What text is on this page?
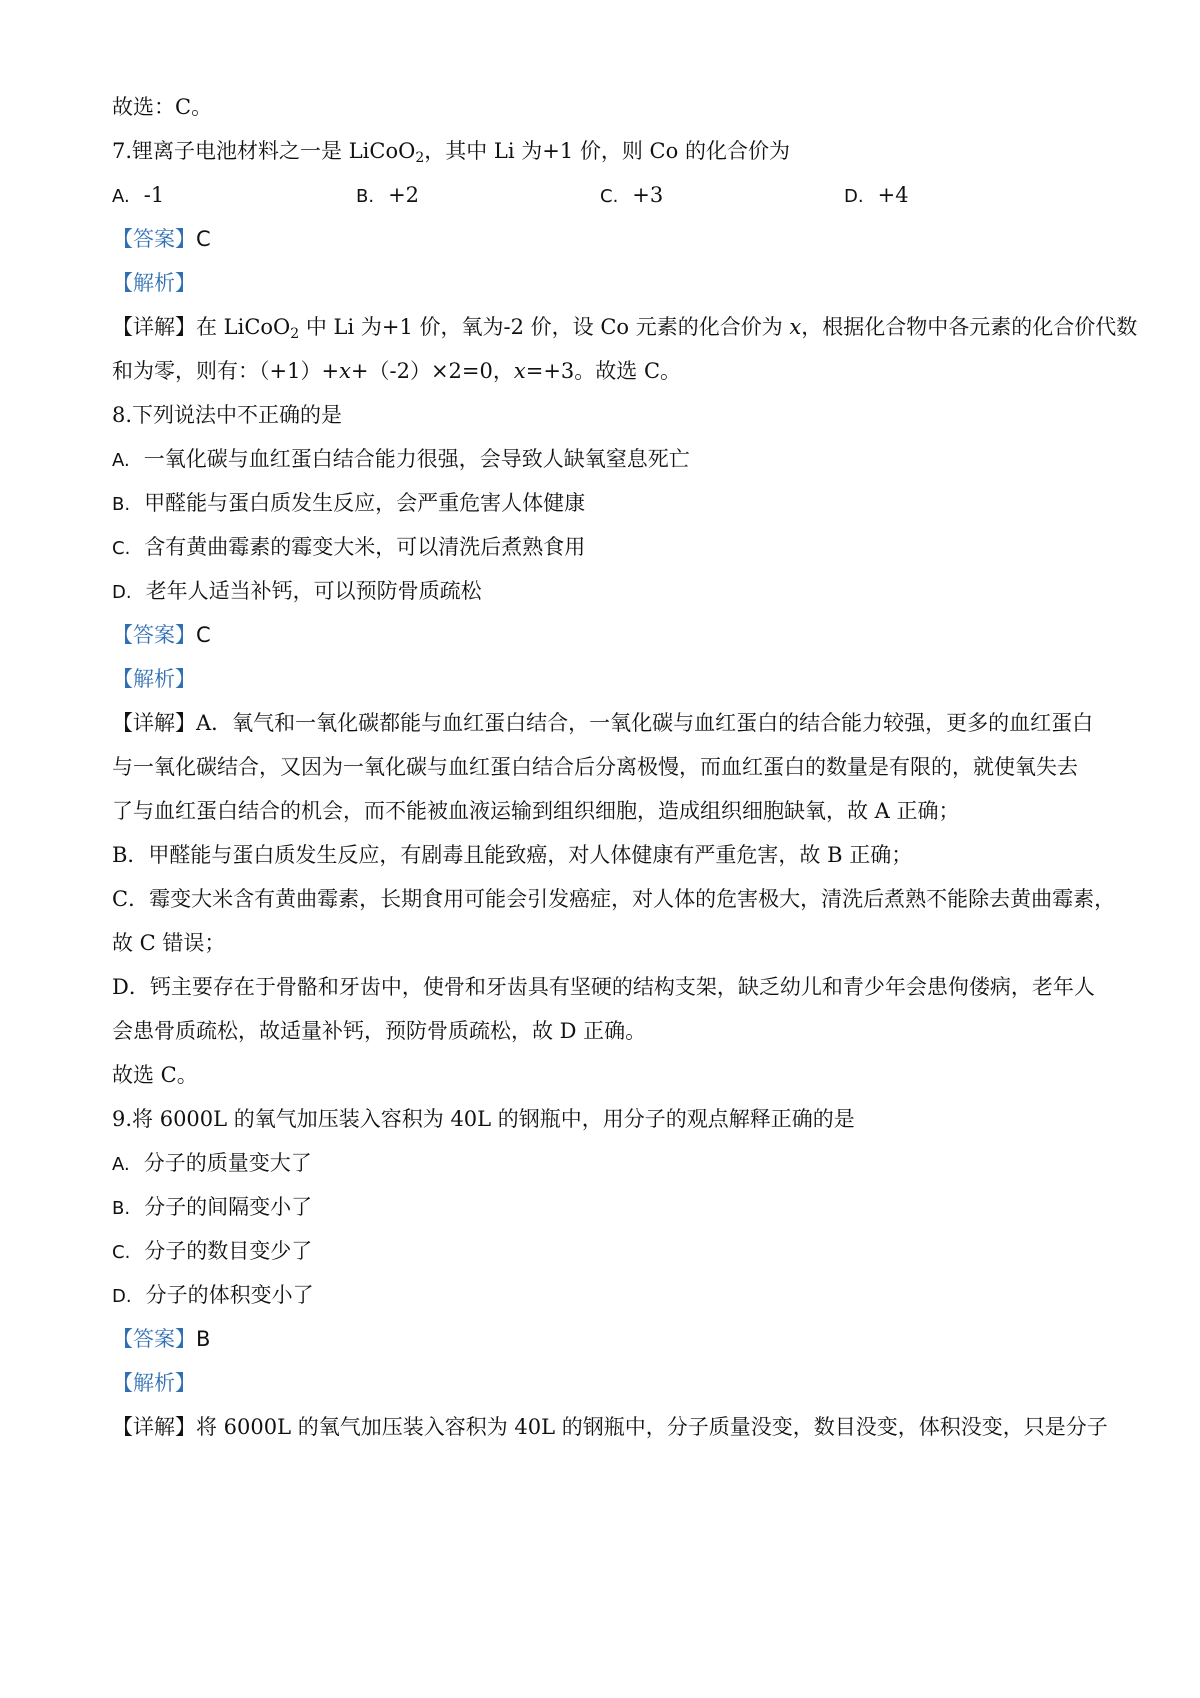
故选：C。
7.锂离子电池材料之一是 LiCoO$_2$，其中 Li 为+1 价，则 Co 的化合价为
A. -1	B. +2	C. +3	D. +4
【答案】C
【解析】
【详解】在 LiCoO$_2$ 中 Li 为+1 价，氧为-2 价，设 Co 元素的化合价为 x，根据化合物中各元素的化合价代数
和为零，则有：（+1）+x+（-2）×2=0，x=+3。故选 C。
8.下列说法中不正确的是
A. 一氧化碳与血红蛋白结合能力很强，会导致人缺氧窒息死亡
B. 甲醛能与蛋白质发生反应，会严重危害人体健康
C. 含有黄曲霉素的霉变大米，可以清洗后煮熟食用
D. 老年人适当补钙，可以预防骨质疏松
【答案】C
【解析】
【详解】A．氧气和一氧化碳都能与血红蛋白结合，一氧化碳与血红蛋白的结合能力较强，更多的血红蛋白
与一氧化碳结合，又因为一氧化碳与血红蛋白结合后分离极慢，而血红蛋白的数量是有限的，就使氧失去
了与血红蛋白结合的机会，而不能被血液运输到组织细胞，造成组织细胞缺氧，故 A 正确；
B．甲醛能与蛋白质发生反应，有剧毒且能致癌，对人体健康有严重危害，故 B 正确；
C．霉变大米含有黄曲霉素，长期食用可能会引发癌症，对人体的危害极大，清洗后煮熟不能除去黄曲霉素，
故 C 错误；
D．钙主要存在于骨骼和牙齿中，使骨和牙齿具有坚硬的结构支架，缺乏幼儿和青少年会患佝偻病，老年人
会患骨质疏松，故适量补钙，预防骨质疏松，故 D 正确。
故选 C。
9.将 6000L 的氧气加压装入容积为 40L 的钢瓶中，用分子的观点解释正确的是
A. 分子的质量变大了
B. 分子的间隔变小了
C. 分子的数目变少了
D. 分子的体积变小了
【答案】B
【解析】
【详解】将 6000L 的氧气加压装入容积为 40L 的钢瓶中，分子质量没变，数目没变，体积没变，只是分子
